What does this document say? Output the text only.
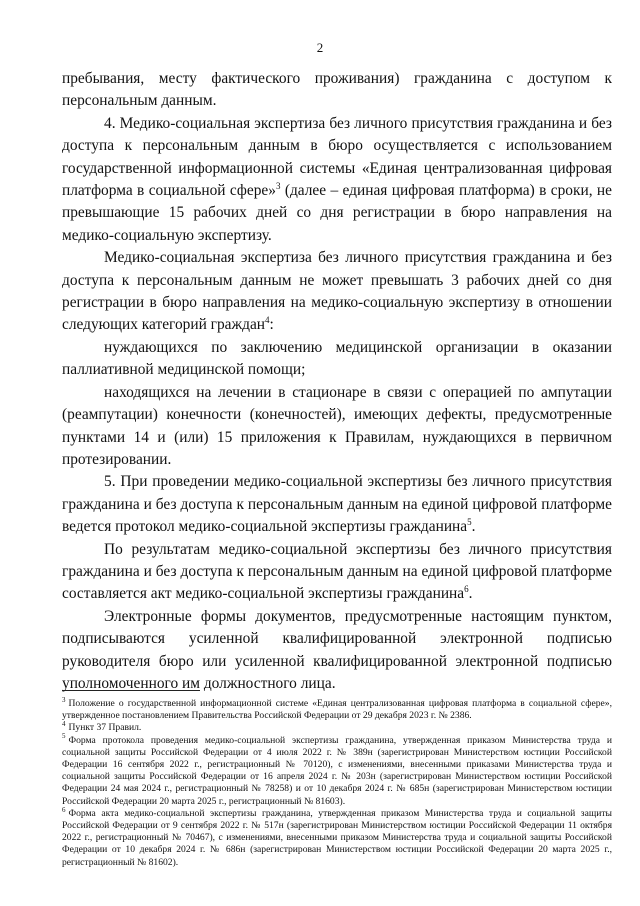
2

пребывания, месту фактического проживания) гражданина с доступом к персональным данным.

4. Медико-социальная экспертиза без личного присутствия гражданина и без доступа к персональным данным в бюро осуществляется с использованием государственной информационной системы «Единая централизованная цифровая платформа в социальной сфере»$^3$ (далее – единая цифровая платформа) в сроки, не превышающие 15 рабочих дней со дня регистрации в бюро направления на медико-социальную экспертизу.

Медико-социальная экспертиза без личного присутствия гражданина и без доступа к персональным данным не может превышать 3 рабочих дней со дня регистрации в бюро направления на медико-социальную экспертизу в отношении следующих категорий граждан$^4$:

нуждающихся по заключению медицинской организации в оказании паллиативной медицинской помощи;

находящихся на лечении в стационаре в связи с операцией по ампутации (реампутации) конечности (конечностей), имеющих дефекты, предусмотренные пунктами 14 и (или) 15 приложения к Правилам, нуждающихся в первичном протезировании.

5. При проведении медико-социальной экспертизы без личного присутствия гражданина и без доступа к персональным данным на единой цифровой платформе ведется протокол медико-социальной экспертизы гражданина$^5$.

По результатам медико-социальной экспертизы без личного присутствия гражданина и без доступа к персональным данным на единой цифровой платформе составляется акт медико-социальной экспертизы гражданина$^6$.

Электронные формы документов, предусмотренные настоящим пунктом, подписываются усиленной квалифицированной электронной подписью руководителя бюро или усиленной квалифицированной электронной подписью уполномоченного им должностного лица.

$^3$ Положение о государственной информационной системе «Единая централизованная цифровая платформа в социальной сфере», утвержденное постановлением Правительства Российской Федерации от 29 декабря 2023 г. № 2386.

$^4$ Пункт 37 Правил.

$^5$ Форма протокола проведения медико-социальной экспертизы гражданина, утвержденная приказом Министерства труда и социальной защиты Российской Федерации от 4 июля 2022 г. № 389н (зарегистрирован Министерством юстиции Российской Федерации 16 сентября 2022 г., регистрационный № 70120), с изменениями, внесенными приказами Министерства труда и социальной защиты Российской Федерации от 16 апреля 2024 г. № 203н (зарегистрирован Министерством юстиции Российской Федерации 24 мая 2024 г., регистрационный № 78258) и от 10 декабря 2024 г. № 685н (зарегистрирован Министерством юстиции Российской Федерации 20 марта 2025 г., регистрационный № 81603).

$^6$ Форма акта медико-социальной экспертизы гражданина, утвержденная приказом Министерства труда и социальной защиты Российской Федерации от 9 сентября 2022 г. № 517н (зарегистрирован Министерством юстиции Российской Федерации 11 октября 2022 г., регистрационный № 70467), с изменениями, внесенными приказом Министерства труда и социальной защиты Российской Федерации от 10 декабря 2024 г. № 686н (зарегистрирован Министерством юстиции Российской Федерации 20 марта 2025 г., регистрационный № 81602).
